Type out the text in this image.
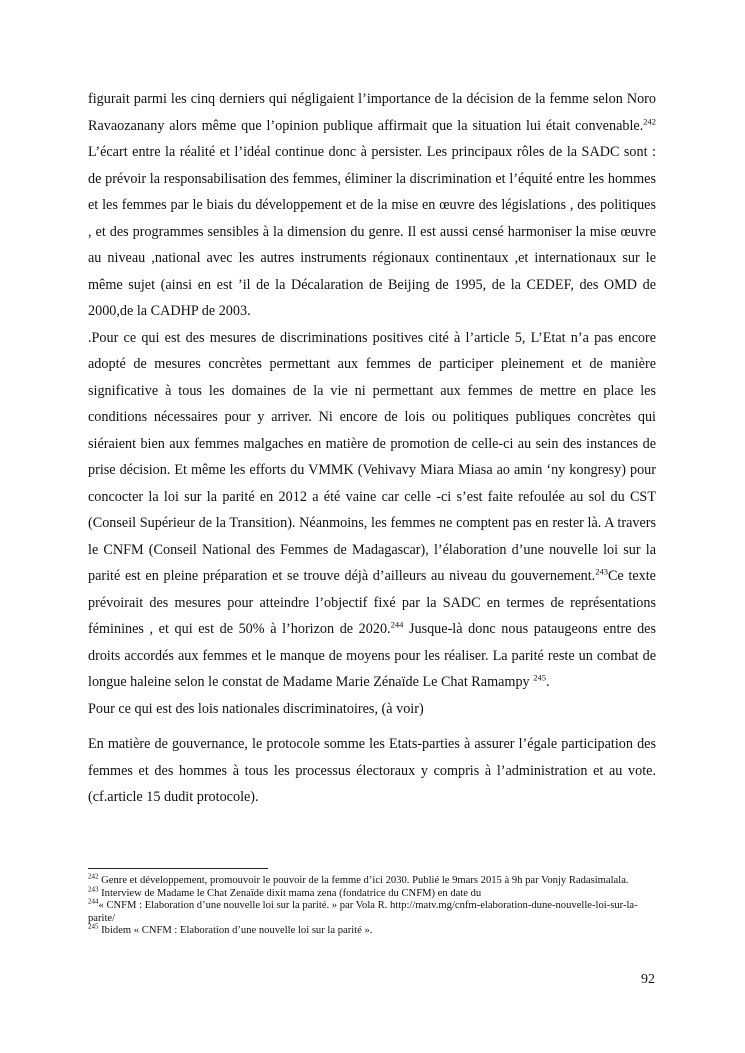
figurait parmi les cinq derniers qui négligaient l’importance de la décision de la femme selon Noro Ravaozanany alors même que l’opinion publique affirmait que la situation lui était convenable.$^{242}$ L’écart entre la réalité et l’idéal continue donc à persister. Les principaux rôles de la SADC sont : de prévoir la responsabilisation des femmes, éliminer la discrimination et l’équité entre les hommes et les femmes par le biais du développement et de la mise en œuvre des législations , des politiques , et des programmes sensibles à la dimension du genre. Il est aussi censé harmoniser la mise œuvre au niveau ,national avec les autres instruments régionaux continentaux ,et internationaux sur le même sujet (ainsi en est ’il de la Décalaration de Beijing de 1995, de la CEDEF, des OMD de 2000,de la CADHP de 2003.

.Pour ce qui est des mesures de discriminations positives cité à l’article 5, L’Etat n’a pas encore adopté de mesures concrètes permettant aux femmes de participer pleinement et de manière significative à tous les domaines de la vie ni permettant aux femmes de mettre en place les conditions nécessaires pour y arriver. Ni encore de lois ou politiques publiques concrètes qui siéraient bien aux femmes malgaches en matière de promotion de celle-ci au sein des instances de prise décision. Et même les efforts du VMMK (Vehivavy Miara Miasa ao amin ‘ny kongresy) pour concocter la loi sur la parité en 2012 a été vaine car celle -ci s’est faite refoulée au sol du CST (Conseil Supérieur de la Transition). Néanmoins, les femmes ne comptent pas en rester là. A travers le CNFM (Conseil National des Femmes de Madagascar), l’élaboration d’une nouvelle loi sur la parité est en pleine préparation et se trouve déjà d’ailleurs au niveau du gouvernement.$^{243}$Ce texte prévoirait des mesures pour atteindre l’objectif fixé par la SADC en termes de représentations féminines , et qui est de 50% à l’horizon de 2020.$^{244}$ Jusque-là donc nous pataugeons entre des droits accordés aux femmes et le manque de moyens pour les réaliser. La parité reste un combat de longue haleine selon le constat de Madame Marie Zénaïde Le Chat Ramampy $^{245}$.

Pour ce qui est des lois nationales discriminatoires, (à voir)

En matière de gouvernance, le protocole somme les Etats-parties à assurer l’égale participation des femmes et des hommes à tous les processus électoraux y compris à l’administration et au vote. (cf.article 15 dudit protocole).

$^{242}$ Genre et développement, promouvoir le pouvoir de la femme d’ici 2030. Publié le 9mars 2015 à 9h par Vonjy Radasimalala.

$^{243}$ Interview de Madame le Chat Zenaïde dixit mama zena (fondatrice du CNFM) en date du

$^{244}$« CNFM : Elaboration d’une nouvelle loi sur la parité. » par Vola R. http://matv.mg/cnfm-elaboration-dune-nouvelle-loi-sur-la-parite/

$^{245}$ Ibidem « CNFM : Elaboration d’une nouvelle loi sur la parité ».

92
